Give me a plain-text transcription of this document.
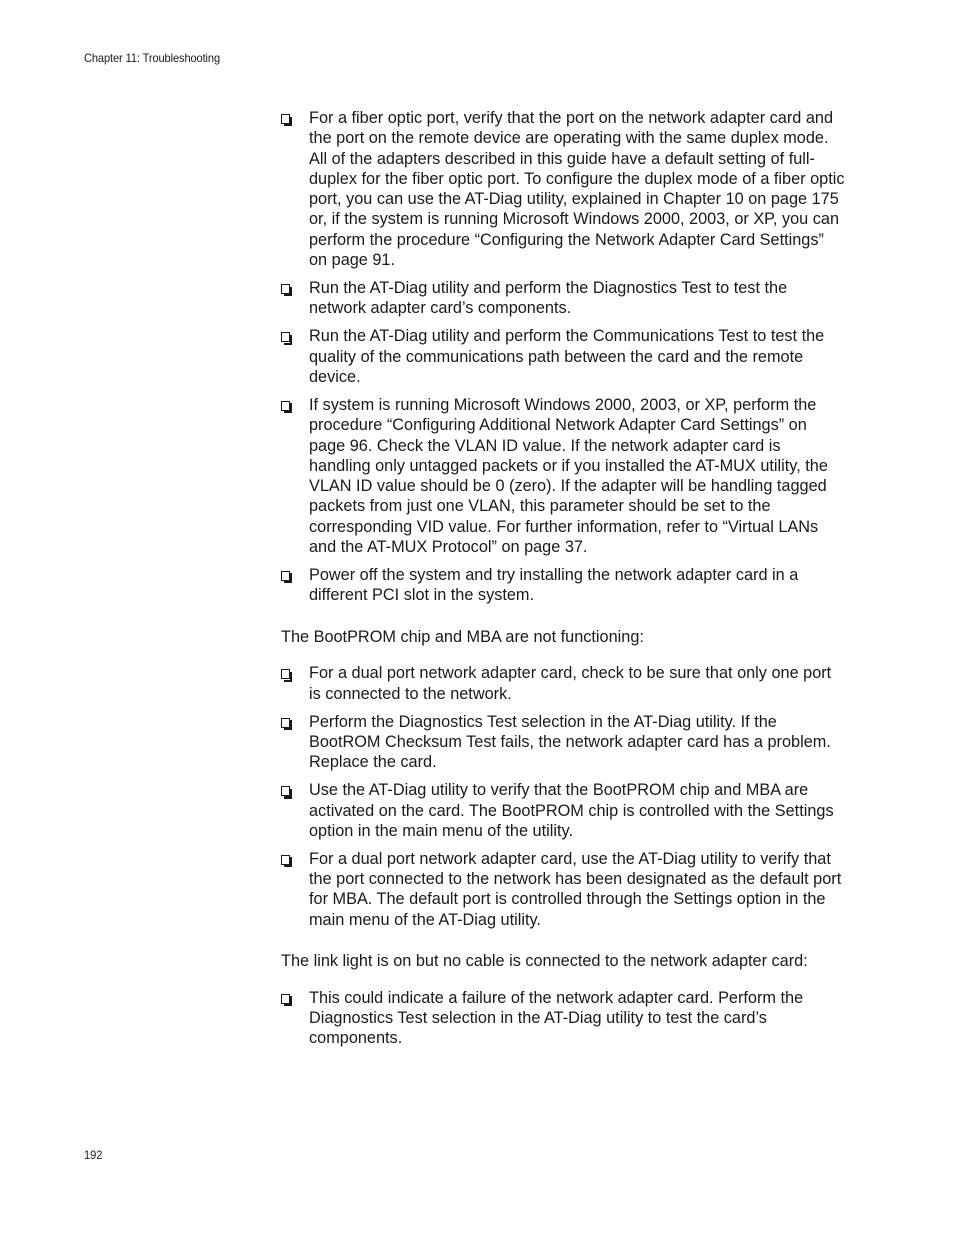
Chapter 11: Troubleshooting
For a fiber optic port, verify that the port on the network adapter card and the port on the remote device are operating with the same duplex mode. All of the adapters described in this guide have a default setting of full-duplex for the fiber optic port. To configure the duplex mode of a fiber optic port, you can use the AT-Diag utility, explained in Chapter 10 on page 175 or, if the system is running Microsoft Windows 2000, 2003, or XP, you can perform the procedure “Configuring the Network Adapter Card Settings” on page 91.
Run the AT-Diag utility and perform the Diagnostics Test to test the network adapter card’s components.
Run the AT-Diag utility and perform the Communications Test to test the quality of the communications path between the card and the remote device.
If system is running Microsoft Windows 2000, 2003, or XP, perform the procedure “Configuring Additional Network Adapter Card Settings” on page 96. Check the VLAN ID value. If the network adapter card is handling only untagged packets or if you installed the AT-MUX utility, the VLAN ID value should be 0 (zero). If the adapter will be handling tagged packets from just one VLAN, this parameter should be set to the corresponding VID value. For further information, refer to “Virtual LANs and the AT-MUX Protocol” on page 37.
Power off the system and try installing the network adapter card in a different PCI slot in the system.

The BootPROM chip and MBA are not functioning:

For a dual port network adapter card, check to be sure that only one port is connected to the network.
Perform the Diagnostics Test selection in the AT-Diag utility. If the BootROM Checksum Test fails, the network adapter card has a problem. Replace the card.
Use the AT-Diag utility to verify that the BootPROM chip and MBA are activated on the card. The BootPROM chip is controlled with the Settings option in the main menu of the utility.
For a dual port network adapter card, use the AT-Diag utility to verify that the port connected to the network has been designated as the default port for MBA. The default port is controlled through the Settings option in the main menu of the AT-Diag utility.

The link light is on but no cable is connected to the network adapter card:

This could indicate a failure of the network adapter card. Perform the Diagnostics Test selection in the AT-Diag utility to test the card’s components.
192
